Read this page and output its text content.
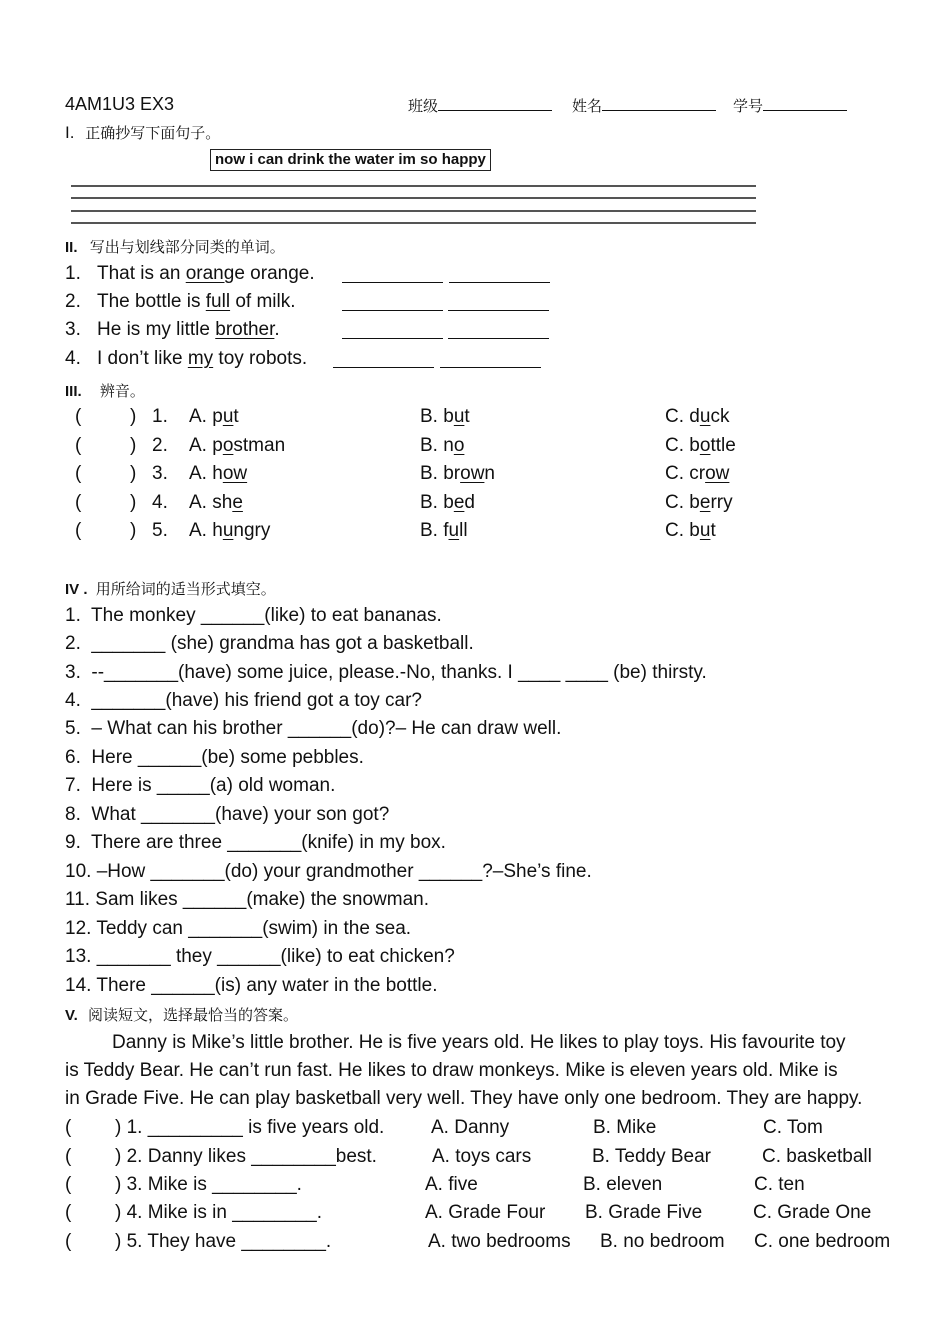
4AM1U3 EX3	班级	姓名	学号
I. 正确抄写下面句子。
now i can drink the water im so happy
II. 写出与划线部分同类的单词。
1. That is an orange orange.
2. The bottle is full of milk.
3. He is my little brother.
4. I don’t like my toy robots.
III. 辨音。
(	) 1. A. put	B. but	C. duck
(	) 2. A. postman	B. no	C. bottle
(	) 3. A. how	B. brown	C. crow
(	) 4. A. she	B. bed	C. berry
(	) 5. A. hungry	B. full	C. but
IV . 用所给词的适当形式填空。
1.  The monkey ______(like) to eat bananas.
2.  _______ (she) grandma has got a basketball.
3.  --_______(have) some juice, please.-No, thanks. I ____ ____ (be) thirsty.
4.  _______(have) his friend got a toy car?
5.  – What can his brother ______(do)?– He can draw well.
6.  Here ______(be) some pebbles.
7.  Here is _____(a) old woman.
8.  What _______(have) your son got?
9.  There are three _______(knife) in my box.
10. –How _______(do) your grandmother ______?–She’s fine.
11. Sam likes ______(make) the snowman.
12. Teddy can _______(swim) in the sea.
13. _______ they ______(like) to eat chicken?
14. There ______(is) any water in the bottle.
V. 阅读短文，选择最恰当的答案。
Danny is Mike’s little brother. He is five years old. He likes to play toys. His favourite toy
is Teddy Bear. He can’t run fast. He likes to draw monkeys. Mike is eleven years old. Mike is
in Grade Five. He can play basketball very well. They have only one bedroom. They are happy.
( ) 1. _________ is five years old. A. Danny	B. Mike	C. Tom
( ) 2. Danny likes ________best.	A. toys cars	B. Teddy Bear	C. basketball
( ) 3. Mike is ________.	A. five	B. eleven	C. ten
( ) 4. Mike is in ________.	A. Grade Four B. Grade Five	C. Grade One
( ) 5. They have ________.	A. two bedrooms B. no bedroom C. one bedroom
